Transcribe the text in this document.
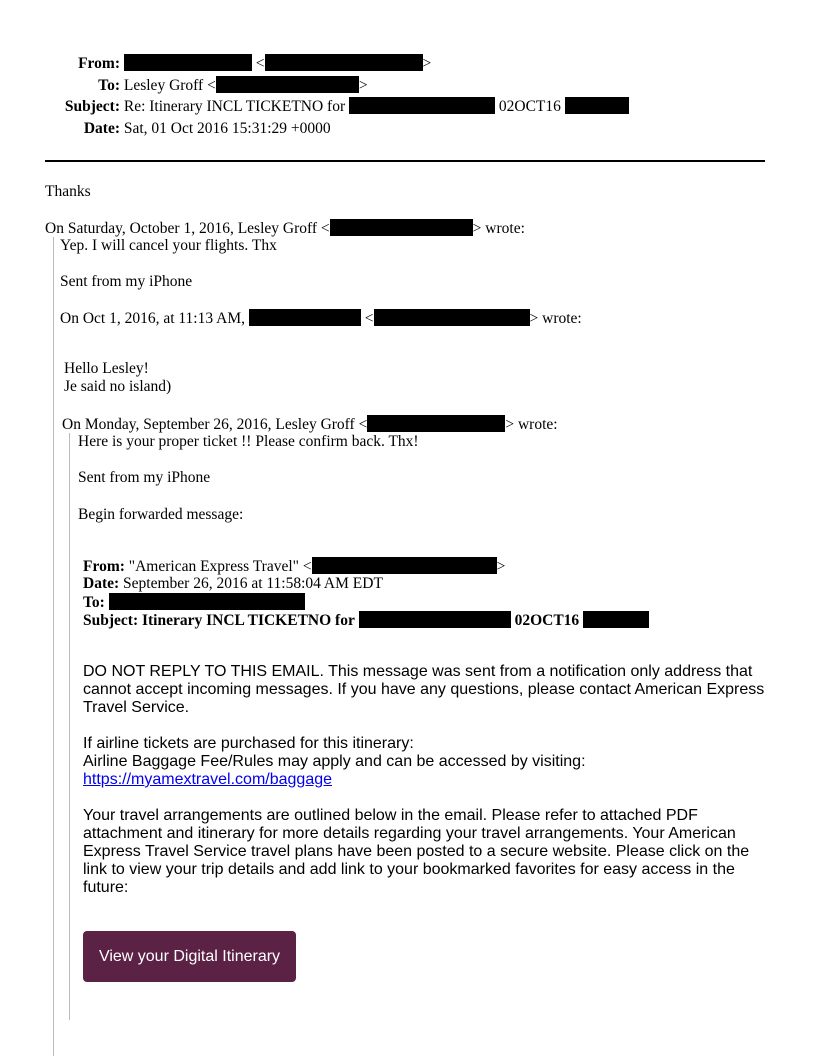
From:	<	>
To: Lesley Groff <	>
Subject: Re: Itinerary INCL TICKETNO for	02OCT16
Date: Sat, 01 Oct 2016 15:31:29 +0000
Thanks
On Saturday, October 1, 2016, Lesley Groff <	> wrote:
Yep. I will cancel your flights. Thx
Sent from my iPhone
On Oct 1, 2016, at 11:13 AM,	<	> wrote:
Hello Lesley!
Je said no island)
On Monday, September 26, 2016, Lesley Groff <	> wrote:
Here is your proper ticket !! Please confirm back. Thx!
Sent from my iPhone
Begin forwarded message:
From: "American Express Travel" <	>
Date: September 26, 2016 at 11:58:04 AM EDT
To:
Subject: Itinerary INCL TICKETNO for	02OCT16
DO NOT REPLY TO THIS EMAIL. This message was sent from a notification only address that cannot accept incoming messages. If you have any questions, please contact American Express Travel Service.
If airline tickets are purchased for this itinerary:
Airline Baggage Fee/Rules may apply and can be accessed by visiting:
https://myamextravel.com/baggage
Your travel arrangements are outlined below in the email. Please refer to attached PDF attachment and itinerary for more details regarding your travel arrangements. Your American Express Travel Service travel plans have been posted to a secure website. Please click on the link to view your trip details and add link to your bookmarked favorites for easy access in the future:
View your Digital Itinerary
